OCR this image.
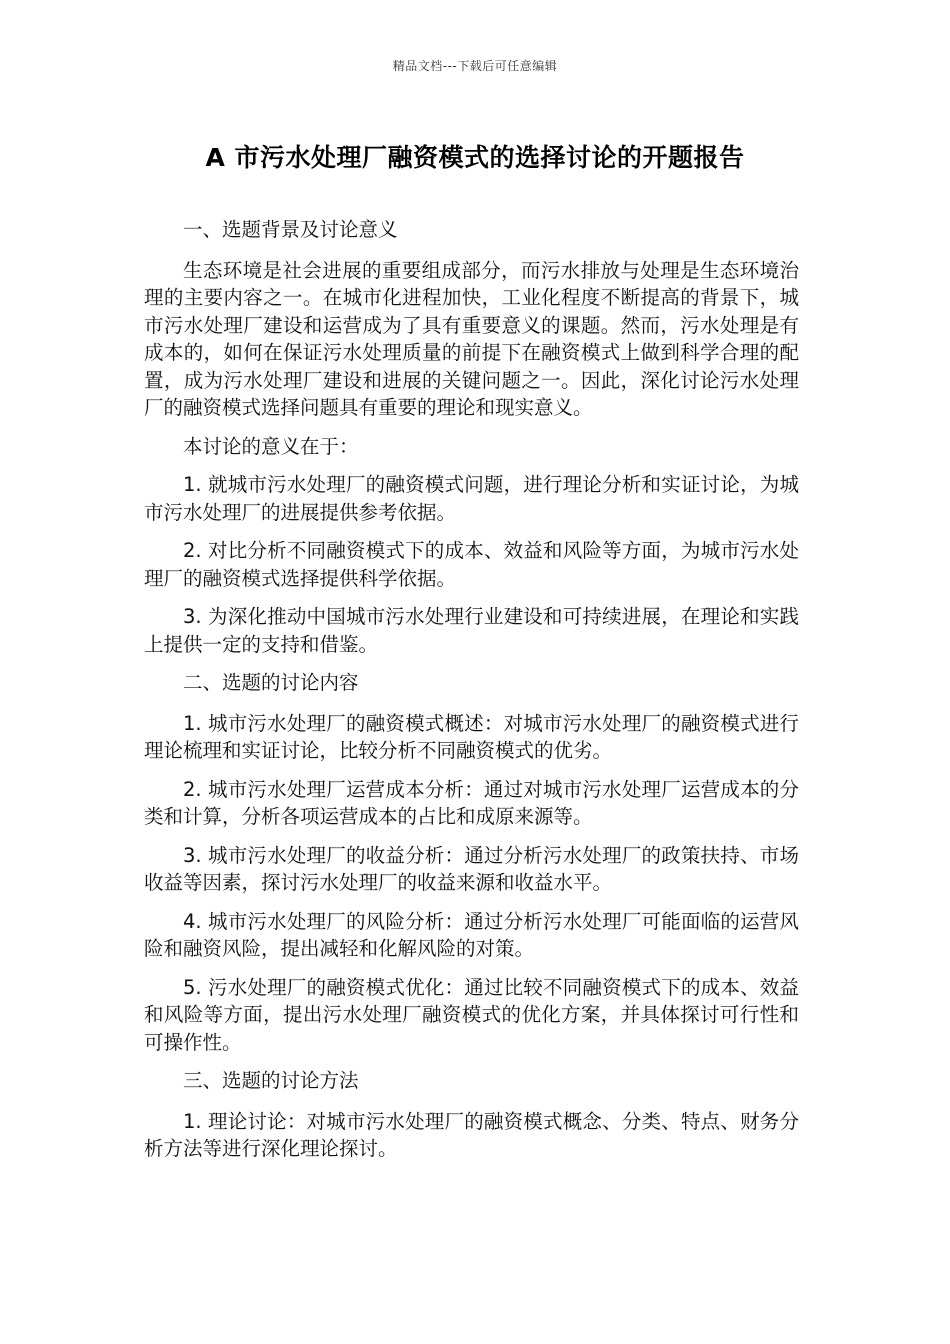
精品文档---下载后可任意编辑
A 市污水处理厂融资模式的选择讨论的开题报告

一、选题背景及讨论意义

生态环境是社会进展的重要组成部分，而污水排放与处理是生态环境治理的主要内容之一。在城市化进程加快，工业化程度不断提高的背景下，城市污水处理厂建设和运营成为了具有重要意义的课题。然而，污水处理是有成本的，如何在保证污水处理质量的前提下在融资模式上做到科学合理的配置，成为污水处理厂建设和进展的关键问题之一。因此，深化讨论污水处理厂的融资模式选择问题具有重要的理论和现实意义。

本讨论的意义在于：

1. 就城市污水处理厂的融资模式问题，进行理论分析和实证讨论，为城市污水处理厂的进展提供参考依据。

2. 对比分析不同融资模式下的成本、效益和风险等方面，为城市污水处理厂的融资模式选择提供科学依据。

3. 为深化推动中国城市污水处理行业建设和可持续进展，在理论和实践上提供一定的支持和借鉴。

二、选题的讨论内容

1. 城市污水处理厂的融资模式概述：对城市污水处理厂的融资模式进行理论梳理和实证讨论，比较分析不同融资模式的优劣。

2. 城市污水处理厂运营成本分析：通过对城市污水处理厂运营成本的分类和计算，分析各项运营成本的占比和成原来源等。

3. 城市污水处理厂的收益分析：通过分析污水处理厂的政策扶持、市场收益等因素，探讨污水处理厂的收益来源和收益水平。

4. 城市污水处理厂的风险分析：通过分析污水处理厂可能面临的运营风险和融资风险，提出减轻和化解风险的对策。

5. 污水处理厂的融资模式优化：通过比较不同融资模式下的成本、效益和风险等方面，提出污水处理厂融资模式的优化方案，并具体探讨可行性和可操作性。

三、选题的讨论方法

1. 理论讨论：对城市污水处理厂的融资模式概念、分类、特点、财务分析方法等进行深化理论探讨。
